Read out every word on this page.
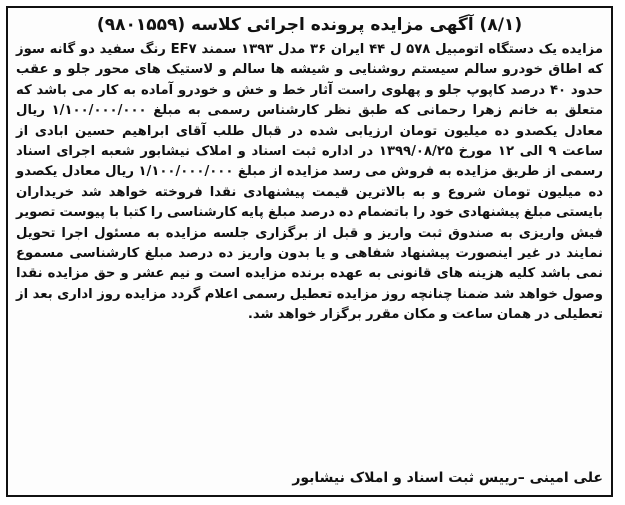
(۸/۱) آگهی مزایده پرونده اجرائی کلاسه (۹۸۰۱۵۵۹)

مزایده یک دستگاه اتومبیل ۵۷۸ ل ۴۴ ایران ۳۶ مدل ۱۳۹۳ سمند EF۷ رنگ سفید دو گانه سوز که اطاق خودرو سالم سیستم روشنایی و شیشه ها سالم و لاستیک های محور جلو و عقب حدود ۴۰ درصد کاپوپ جلو و پهلوی راست آثار خط و خش و خودرو آماده به کار می باشد که متعلق به خانم زهرا رحمانی که طبق نظر کارشناس رسمی به مبلغ ۱/۱۰۰/۰۰۰/۰۰۰ ریال معادل یکصدو ده میلیون تومان ارزیابی شده در قبال طلب آقای ابراهیم حسین ابادی از ساعت ۹ الی ۱۲ مورخ ۱۳۹۹/۰۸/۲۵ در اداره ثبت اسناد و املاک نیشابور شعبه اجرای اسناد رسمی از طریق مزایده به فروش می رسد مزایده از مبلغ ۱/۱۰۰/۰۰۰/۰۰۰ ریال معادل یکصدو ده میلیون تومان شروع و به بالاترین قیمت پیشنهادی نقدا فروخته خواهد شد خریداران بایستی مبلغ پیشنهادی خود را باتضمام ده درصد مبلغ پایه کارشناسی را کتبا با پیوست تصویر فیش واریزی به صندوق ثبت واریز و قبل از برگزاری جلسه مزایده به مسئول اجرا تحویل نمایند در غیر اینصورت پیشنهاد شفاهی و یا بدون واریز ده درصد مبلغ کارشناسی مسموع نمی باشد کلیه هزینه های قانونی به عهده برنده مزایده است و نیم عشر و حق مزایده نقدا وصول خواهد شد ضمنا چنانچه روز مزایده تعطیل رسمی اعلام گردد مزایده روز اداری بعد از تعطیلی در همان ساعت و مکان مقرر برگزار خواهد شد.

علی امینی –رییس ثبت اسناد و املاک نیشابور
